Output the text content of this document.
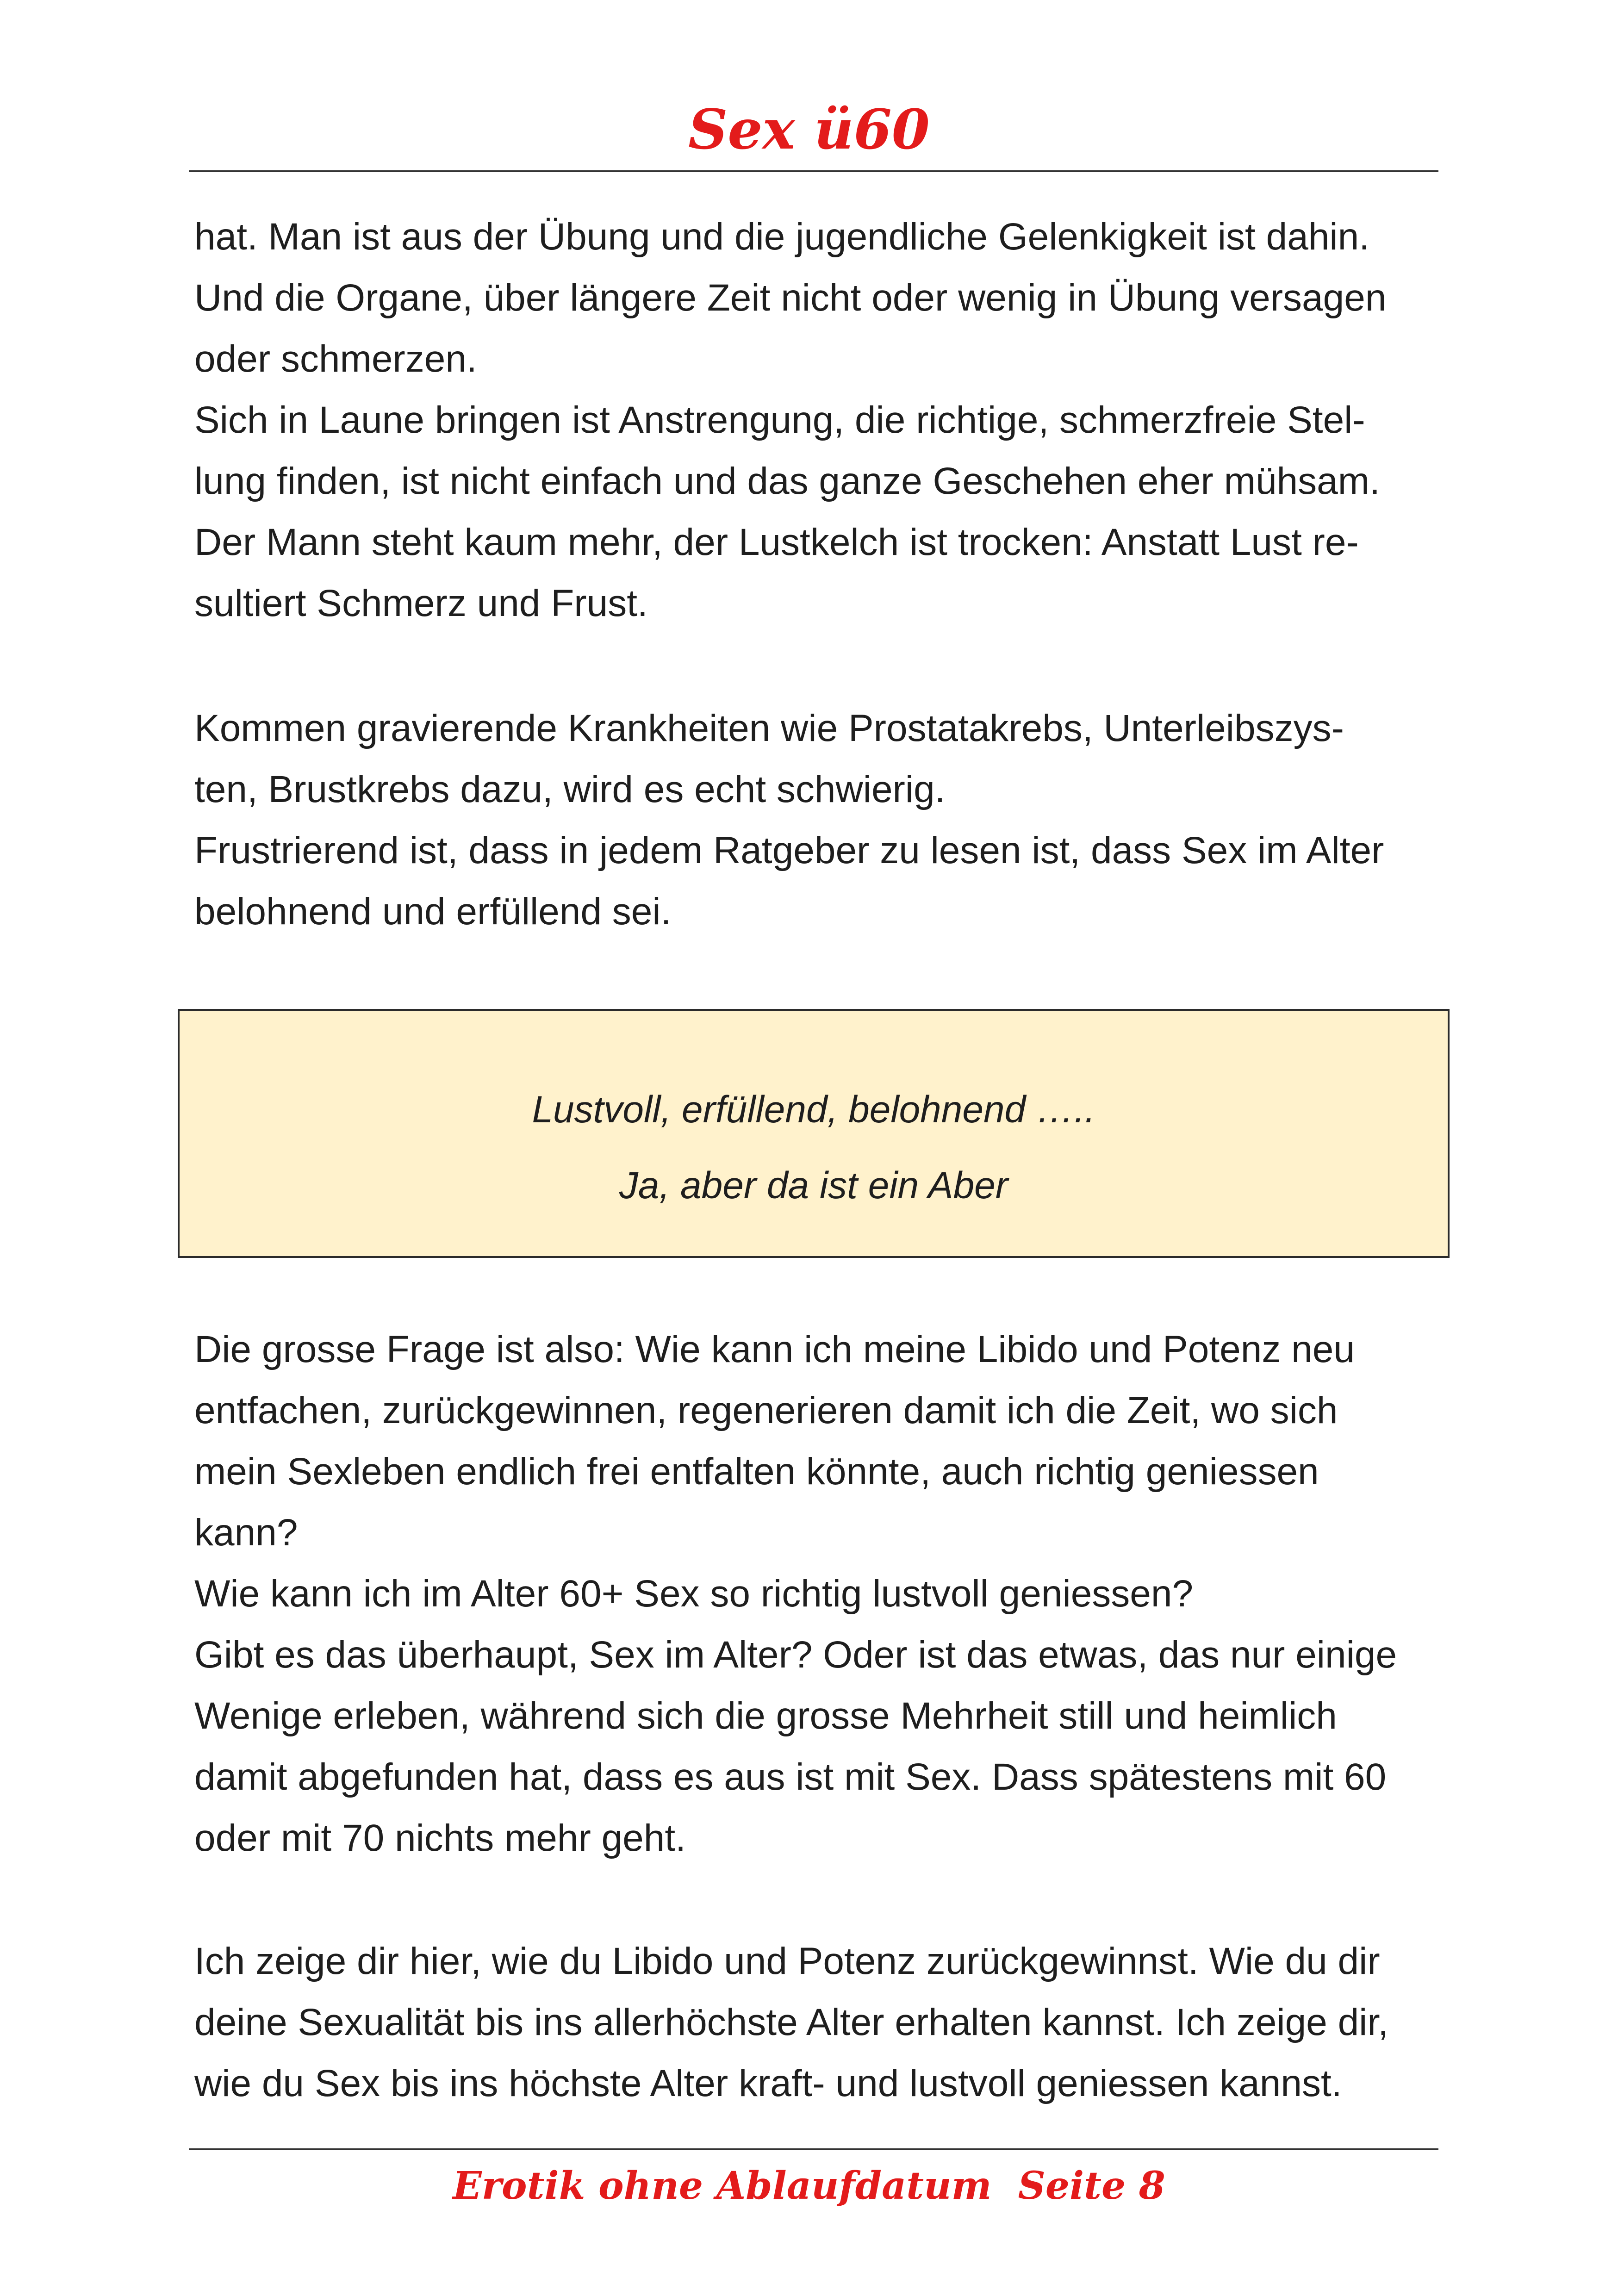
Sex ü60
hat. Man ist aus der Übung und die jugendliche Gelenkigkeit ist dahin.
Und die Organe, über längere Zeit nicht oder wenig in Übung versagen
oder schmerzen.
Sich in Laune bringen ist Anstrengung, die richtige, schmerzfreie Stel-
lung finden, ist nicht einfach und das ganze Geschehen eher mühsam.
Der Mann steht kaum mehr, der Lustkelch ist trocken: Anstatt Lust re-
sultiert Schmerz und Frust.
Kommen gravierende Krankheiten wie Prostatakrebs, Unterleibszys-
ten, Brustkrebs dazu, wird es echt schwierig.
Frustrierend ist, dass in jedem Ratgeber zu lesen ist, dass Sex im Alter
belohnend und erfüllend sei.
Lustvoll, erfüllend, belohnend …..
Ja, aber da ist ein Aber
Die grosse Frage ist also: Wie kann ich meine Libido und Potenz neu
entfachen, zurückgewinnen, regenerieren damit ich die Zeit, wo sich
mein Sexleben endlich frei entfalten könnte, auch richtig geniessen
kann?
Wie kann ich im Alter 60+ Sex so richtig lustvoll geniessen?
Gibt es das überhaupt, Sex im Alter? Oder ist das etwas, das nur einige
Wenige erleben, während sich die grosse Mehrheit still und heimlich
damit abgefunden hat, dass es aus ist mit Sex. Dass spätestens mit 60
oder mit 70 nichts mehr geht.
Ich zeige dir hier, wie du Libido und Potenz zurückgewinnst. Wie du dir
deine Sexualität bis ins allerhöchste Alter erhalten kannst. Ich zeige dir,
wie du Sex bis ins höchste Alter kraft- und lustvoll geniessen kannst.
Erotik ohne Ablaufdatum  Seite 8
